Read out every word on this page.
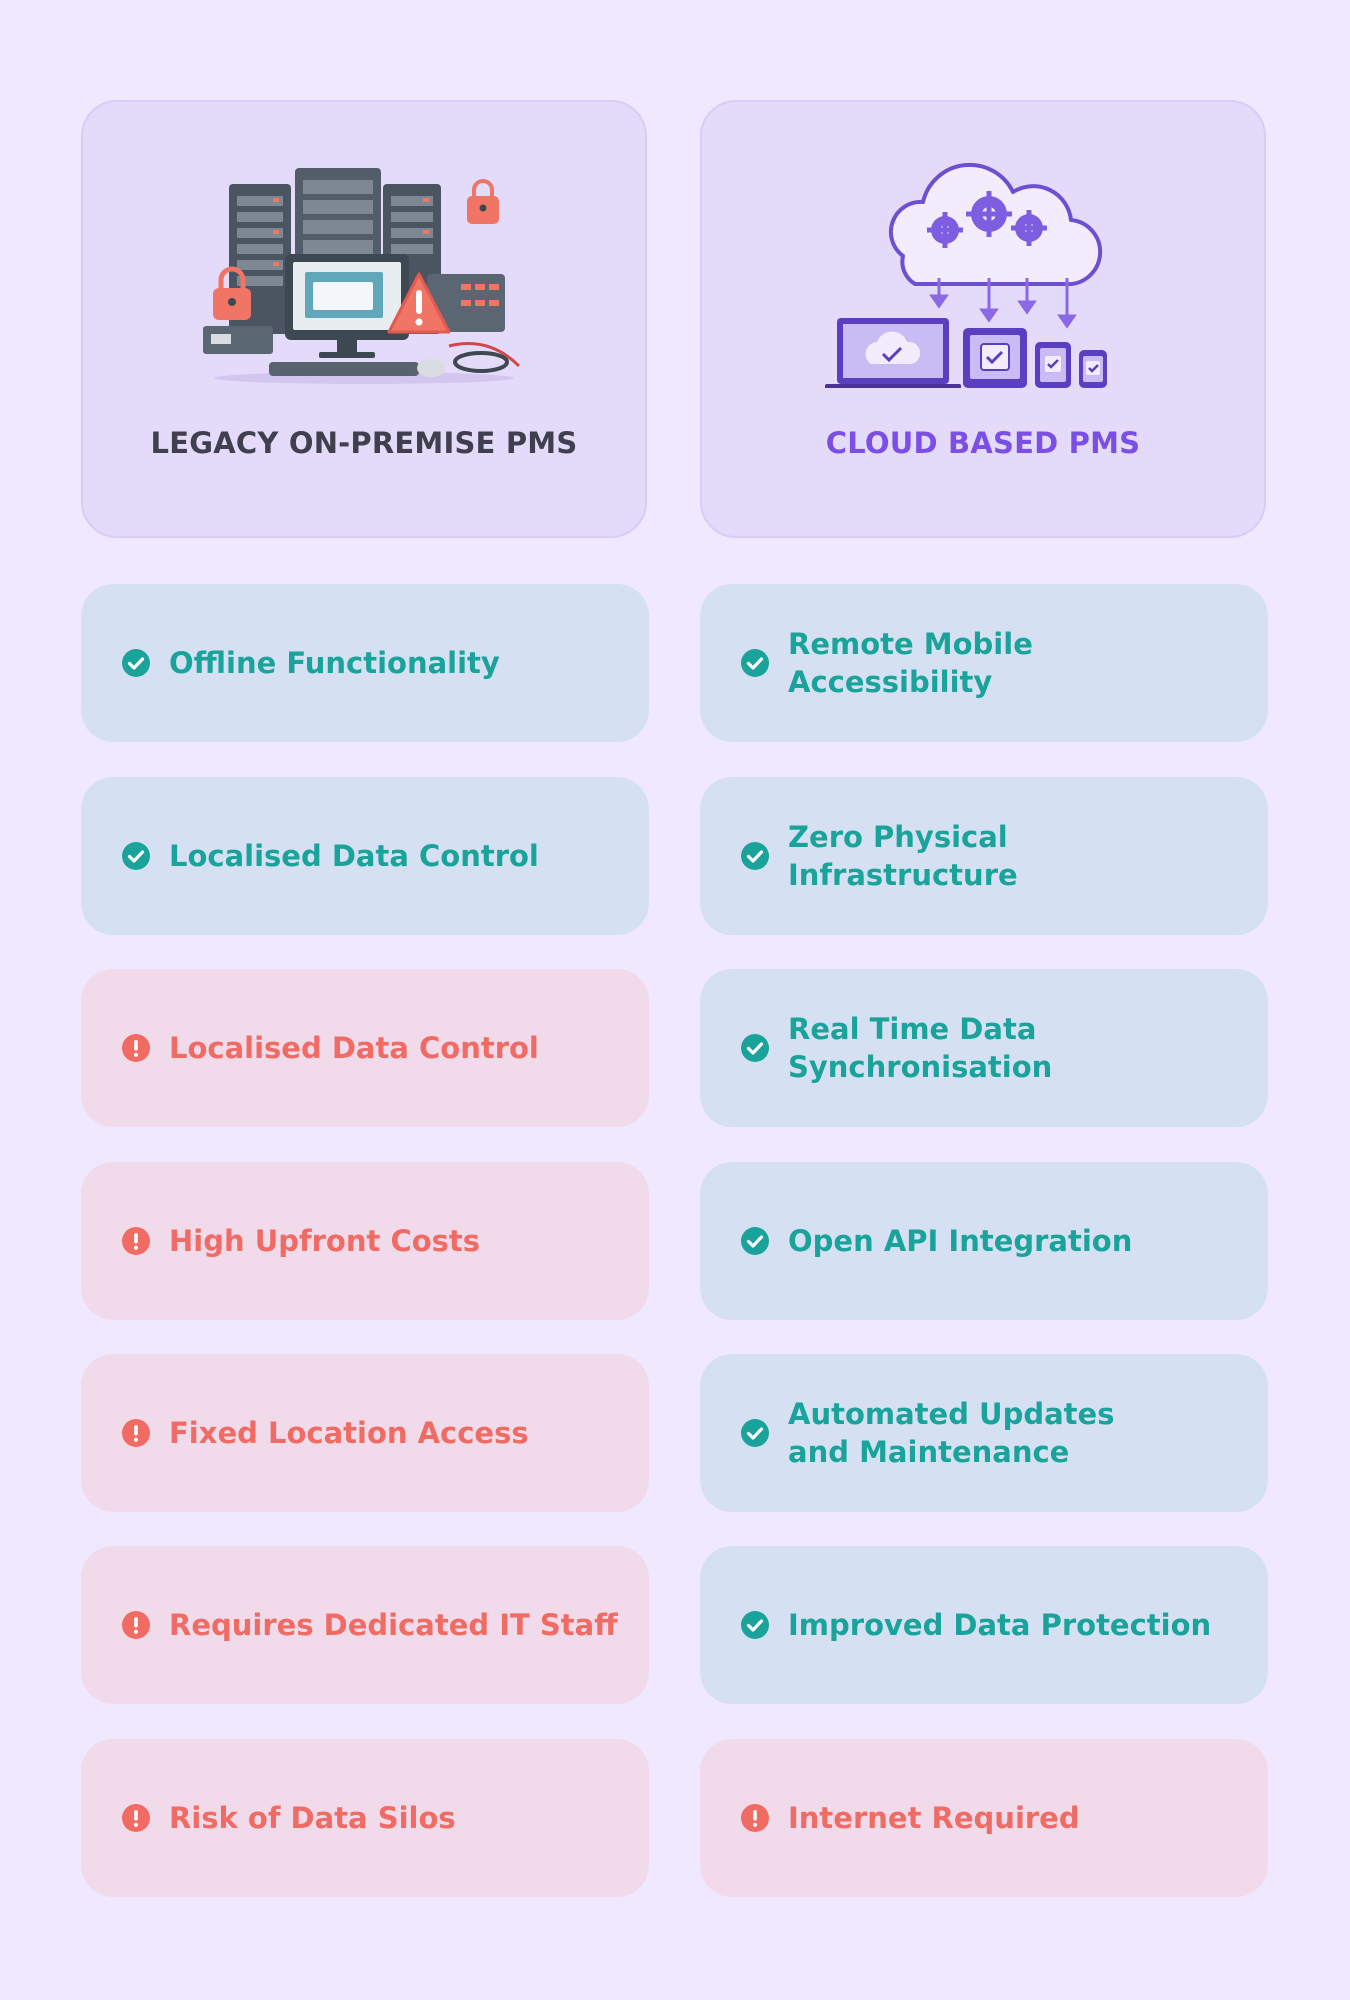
LEGACY ON-PREMISE PMS	CLOUD BASED PMS
Offline Functionality
Localised Data Control
Localised Data Control
High Upfront Costs
Fixed Location Access
Requires Dedicated IT Staff
Risk of Data Silos
Remote Mobile Accessibility
Zero Physical Infrastructure
Real Time Data
Synchronisation
Open API Integration
Automated Updates
and Maintenance
Improved Data Protection
Internet Required
